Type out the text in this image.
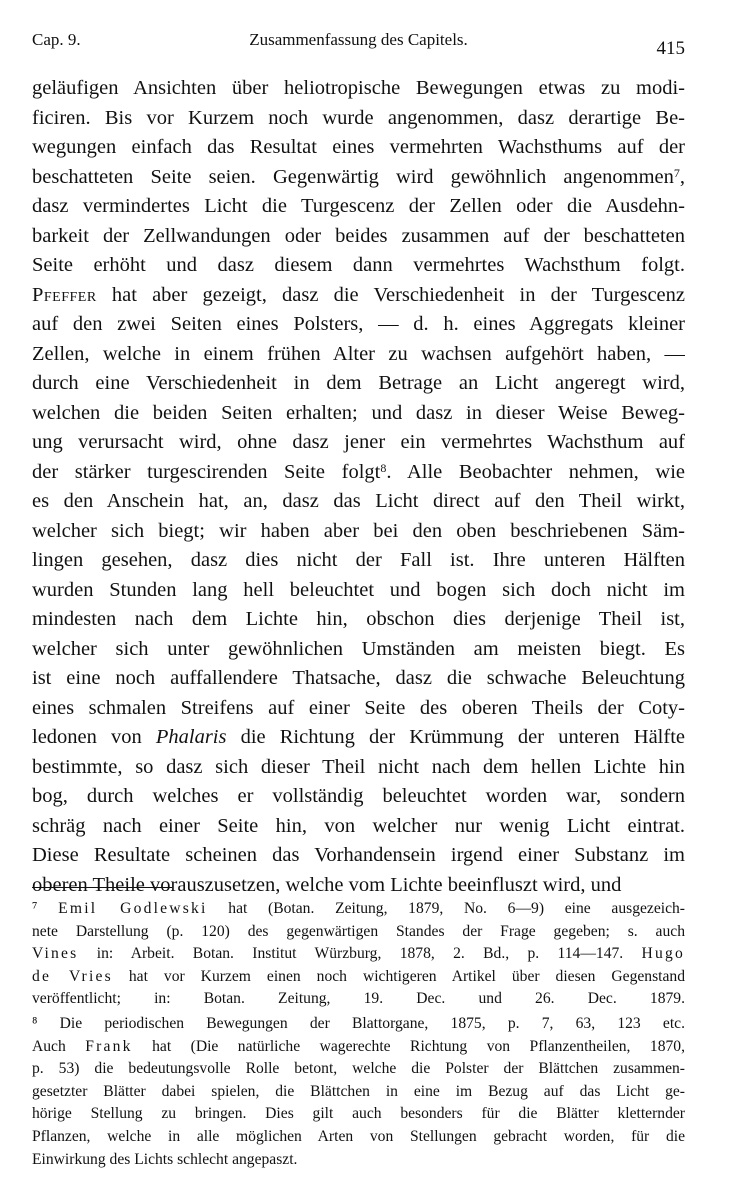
Cap. 9.	Zusammenfassung des Capitels.	415
geläufigen Ansichten über heliotropische Bewegungen etwas zu modi-
ficiren. Bis vor Kurzem noch wurde angenommen, dasz derartige Be-
wegungen einfach das Resultat eines vermehrten Wachsthums auf der
beschatteten Seite seien. Gegenwärtig wird gewöhnlich angenommen$^7$,
dasz vermindertes Licht die Turgescenz der Zellen oder die Ausdehn-
barkeit der Zellwandungen oder beides zusammen auf der beschatteten
Seite erhöht und dasz diesem dann vermehrtes Wachsthum folgt.
Pfeffer hat aber gezeigt, dasz die Verschiedenheit in der Turgescenz
auf den zwei Seiten eines Polsters, — d. h. eines Aggregats kleiner
Zellen, welche in einem frühen Alter zu wachsen aufgehört haben, —
durch eine Verschiedenheit in dem Betrage an Licht angeregt wird,
welchen die beiden Seiten erhalten; und dasz in dieser Weise Beweg-
ung verursacht wird, ohne dasz jener ein vermehrtes Wachsthum auf
der stärker turgescirenden Seite folgt$^8$. Alle Beobachter nehmen, wie
es den Anschein hat, an, dasz das Licht direct auf den Theil wirkt,
welcher sich biegt; wir haben aber bei den oben beschriebenen Säm-
lingen gesehen, dasz dies nicht der Fall ist. Ihre unteren Hälften
wurden Stunden lang hell beleuchtet und bogen sich doch nicht im
mindesten nach dem Lichte hin, obschon dies derjenige Theil ist,
welcher sich unter gewöhnlichen Umständen am meisten biegt. Es
ist eine noch auffallendere Thatsache, dasz die schwache Beleuchtung
eines schmalen Streifens auf einer Seite des oberen Theils der Coty-
ledonen von Phalaris die Richtung der Krümmung der unteren Hälfte
bestimmte, so dasz sich dieser Theil nicht nach dem hellen Lichte hin
bog, durch welches er vollständig beleuchtet worden war, sondern
schräg nach einer Seite hin, von welcher nur wenig Licht eintrat.
Diese Resultate scheinen das Vorhandensein irgend einer Substanz im
oberen Theile vorauszusetzen, welche vom Lichte beeinfluszt wird, und
⁷ Emil Godlewski hat (Botan. Zeitung, 1879, No. 6—9) eine ausgezeich-
nete Darstellung (p. 120) des gegenwärtigen Standes der Frage gegeben; s. auch
Vines in: Arbeit. Botan. Institut Würzburg, 1878, 2. Bd., p. 114—147. Hugo
de Vries hat vor Kurzem einen noch wichtigeren Artikel über diesen Gegenstand
veröffentlicht; in: Botan. Zeitung, 19. Dec. und 26. Dec. 1879.
⁸ Die periodischen Bewegungen der Blattorgane, 1875, p. 7, 63, 123 etc.
Auch Frank hat (Die natürliche wagerechte Richtung von Pflanzentheilen, 1870,
p. 53) die bedeutungsvolle Rolle betont, welche die Polster der Blättchen zusammen-
gesetzter Blätter dabei spielen, die Blättchen in eine im Bezug auf das Licht ge-
hörige Stellung zu bringen. Dies gilt auch besonders für die Blätter kletternder
Pflanzen, welche in alle möglichen Arten von Stellungen gebracht worden, für die
Einwirkung des Lichts schlecht angepaszt.
